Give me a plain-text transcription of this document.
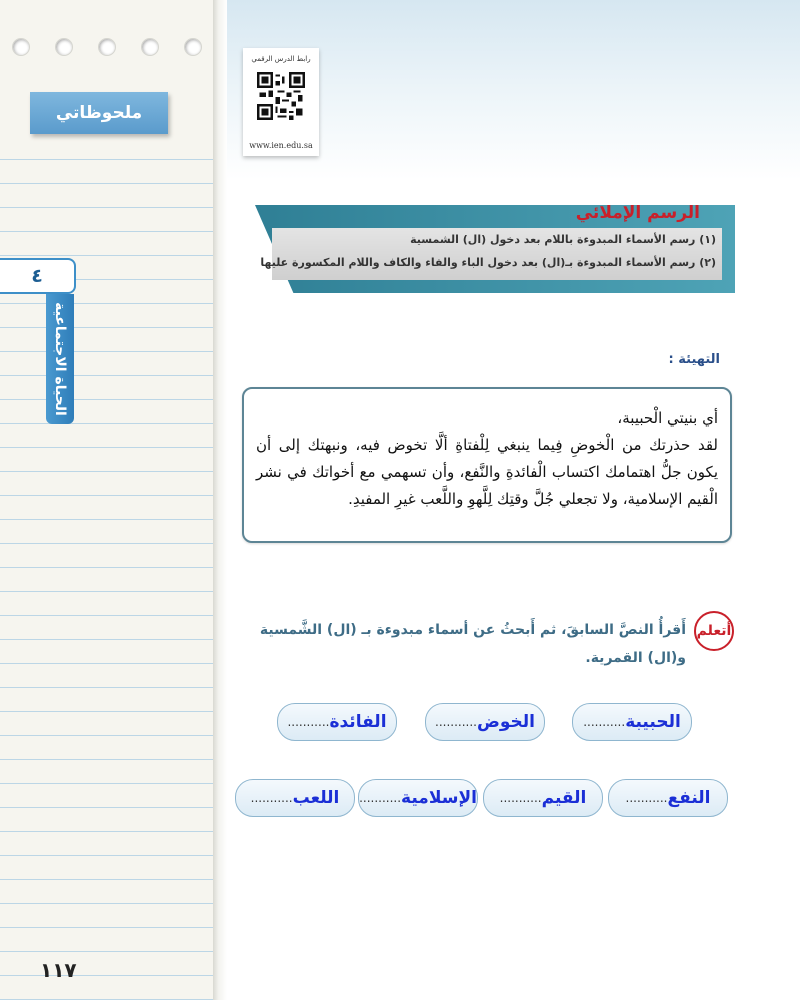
ملحوظاتي
٤
الحياة الاجتماعية
١١٧
رابط الدرس الرقمي
www.ien.edu.sa
الرسم الإملائي
(١) رسم الأسماء المبدوءة باللام بعد دخول (ال) الشمسية
(٢) رسم الأسماء المبدوءة بـ(ال) بعد دخول الباء والفاء والكاف واللام المكسورة عليها
التهيئة :

أي بنيتي الْحبيبة،

لقد حذرتك من الْخوضِ فِيما ينبغي لِلْفتاةِ ألَّا تخوض فيه، ونبهتك إلى أن يكون جلُّ اهتمامك اكتساب الْفائدةِ والنَّفع، وأن تسهمي مع أخواتك في نشر الْقيم الإسلامية، ولا تجعلي جُلَّ وقتِك لِلَّهوِ واللَّعب غيرِ المفيدِ.

أتعلم
أَقرأُ النصَّ السابقَ، ثم أَبحثُ عن أسماء مبدوءة بـ (ال) الشَّمسية و(ال) القمرية.
الحبيبة
...........
الخوض
...........
الفائدة
...........
النفع
...........
القيم
...........
الإسلامية
...........
اللعب
...........
